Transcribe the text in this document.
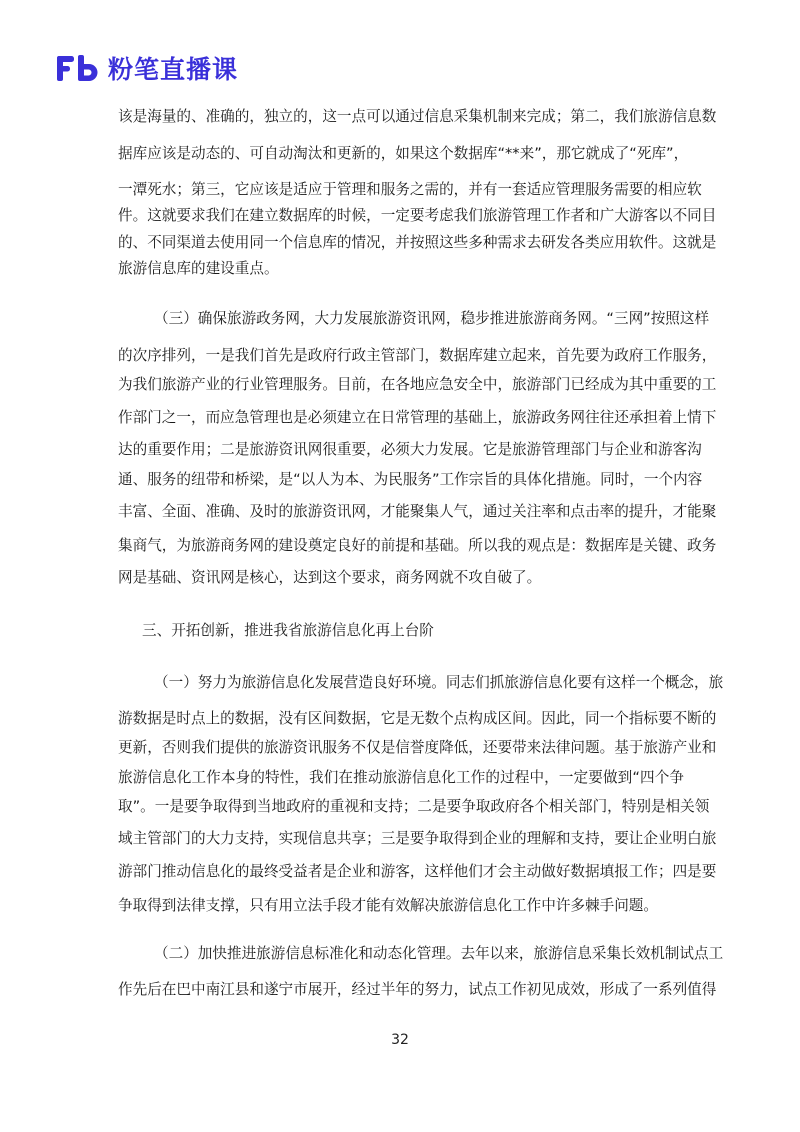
粉笔直播课
该是海量的、准确的，独立的，这一点可以通过信息采集机制来完成；第二，我们旅游信息数
据库应该是动态的、可自动淘汰和更新的，如果这个数据库“**来”，那它就成了“死库”，
一潭死水；第三，它应该是适应于管理和服务之需的，并有一套适应管理服务需要的相应软
件。这就要求我们在建立数据库的时候，一定要考虑我们旅游管理工作者和广大游客以不同目
的、不同渠道去使用同一个信息库的情况，并按照这些多种需求去研发各类应用软件。这就是
旅游信息库的建设重点。
（三）确保旅游政务网，大力发展旅游资讯网，稳步推进旅游商务网。“三网”按照这样
的次序排列，一是我们首先是政府行政主管部门，数据库建立起来，首先要为政府工作服务，
为我们旅游产业的行业管理服务。目前，在各地应急安全中，旅游部门已经成为其中重要的工
作部门之一，而应急管理也是必须建立在日常管理的基础上，旅游政务网往往还承担着上情下
达的重要作用；二是旅游资讯网很重要，必须大力发展。它是旅游管理部门与企业和游客沟
通、服务的纽带和桥梁，是“以人为本、为民服务”工作宗旨的具体化措施。同时，一个内容
丰富、全面、准确、及时的旅游资讯网，才能聚集人气，通过关注率和点击率的提升，才能聚
集商气，为旅游商务网的建设奠定良好的前提和基础。所以我的观点是：数据库是关键、政务
网是基础、资讯网是核心，达到这个要求，商务网就不攻自破了。
三、开拓创新，推进我省旅游信息化再上台阶
（一）努力为旅游信息化发展营造良好环境。同志们抓旅游信息化要有这样一个概念，旅
游数据是时点上的数据，没有区间数据，它是无数个点构成区间。因此，同一个指标要不断的
更新，否则我们提供的旅游资讯服务不仅是信誉度降低，还要带来法律问题。基于旅游产业和
旅游信息化工作本身的特性，我们在推动旅游信息化工作的过程中，一定要做到“四个争
取”。一是要争取得到当地政府的重视和支持；二是要争取政府各个相关部门，特别是相关领
域主管部门的大力支持，实现信息共享；三是要争取得到企业的理解和支持，要让企业明白旅
游部门推动信息化的最终受益者是企业和游客，这样他们才会主动做好数据填报工作；四是要
争取得到法律支撑，只有用立法手段才能有效解决旅游信息化工作中许多棘手问题。
（二）加快推进旅游信息标准化和动态化管理。去年以来，旅游信息采集长效机制试点工
作先后在巴中南江县和遂宁市展开，经过半年的努力，试点工作初见成效，形成了一系列值得
32
